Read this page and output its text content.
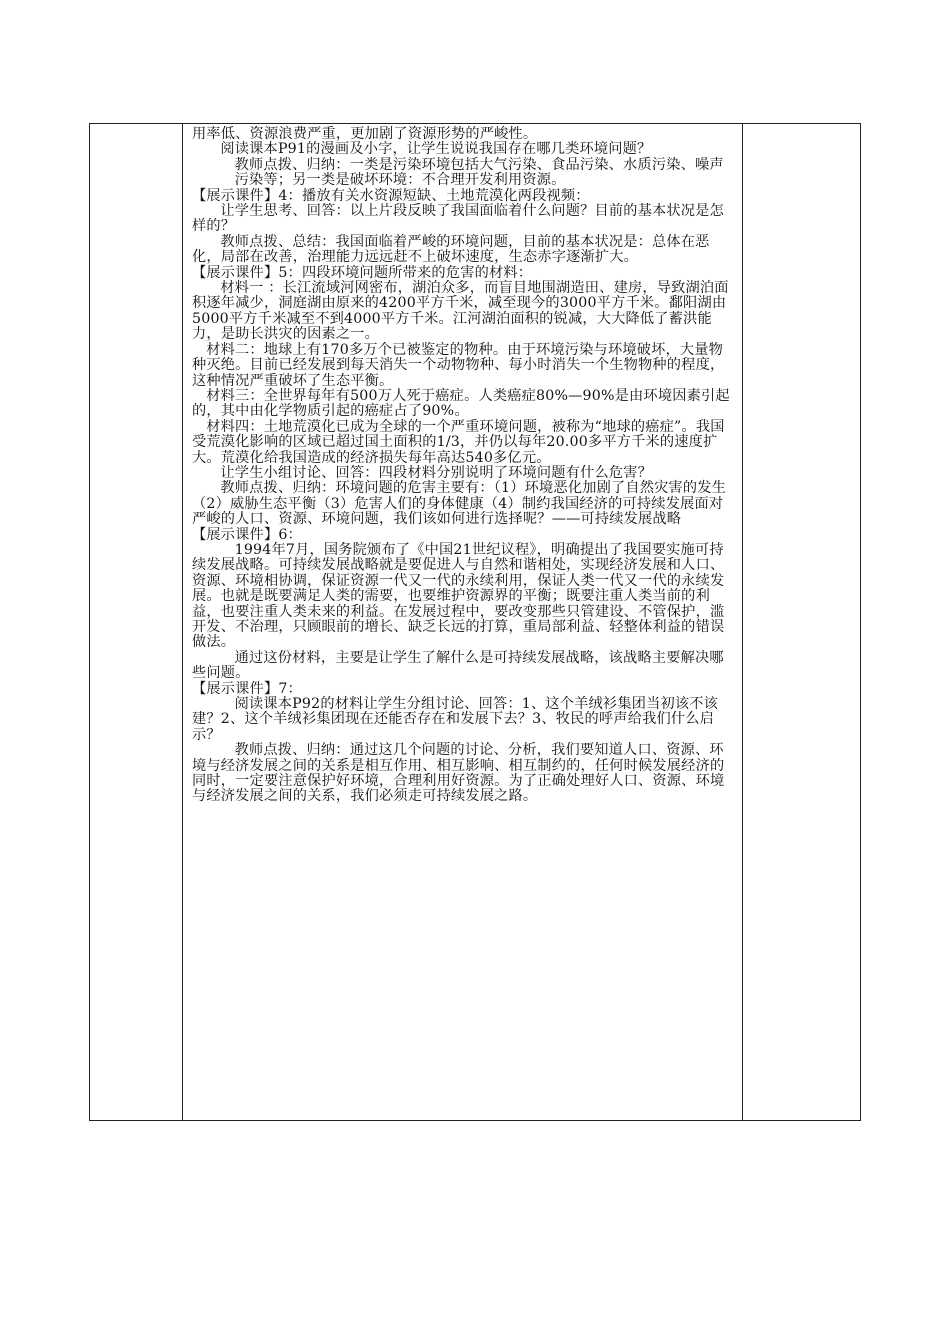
用率低、资源浪费严重，更加剧了资源形势的严峻性。

阅读课本P91的漫画及小字，让学生说说我国存在哪几类环境问题？

教师点拨、归纳：一类是污染环境包括大气污染、食品污染、水质污染、噪声污染等；另一类是破坏环境：不合理开发利用资源。

【展示课件】4：播放有关水资源短缺、土地荒漠化两段视频：

让学生思考、回答：以上片段反映了我国面临着什么问题？目前的基本状况是怎样的？

教师点拨、总结：我国面临着严峻的环境问题，目前的基本状况是：总体在恶化，局部在改善，治理能力远远赶不上破坏速度，生态赤字逐渐扩大。

【展示课件】5：四段环境问题所带来的危害的材料：

材料一 ：长江流域河网密布，湖泊众多，而盲目地围湖造田、建房，导致湖泊面积逐年减少，洞庭湖由原来的4200平方千米，减至现今的3000平方千米。鄱阳湖由5000平方千米减至不到4000平方千米。江河湖泊面积的锐减，大大降低了蓄洪能力，是助长洪灾的因素之一。

材料二：地球上有170多万个已被鉴定的物种。由于环境污染与环境破坏，大量物种灭绝。目前已经发展到每天消失一个动物物种、每小时消失一个生物物种的程度，这种情况严重破坏了生态平衡。

材料三：全世界每年有500万人死于癌症。人类癌症80%—90%是由环境因素引起的，其中由化学物质引起的癌症占了90%。

材料四：土地荒漠化已成为全球的一个严重环境问题，被称为“地球的癌症”。我国受荒漠化影响的区域已超过国土面积的1/3，并仍以每年20.00多平方千米的速度扩大。荒漠化给我国造成的经济损失每年高达540多亿元。

让学生小组讨论、回答：四段材料分别说明了环境问题有什么危害？

教师点拨、归纳：环境问题的危害主要有：（1）环境恶化加剧了自然灾害的发生（2）威胁生态平衡（3）危害人们的身体健康（4）制约我国经济的可持续发展面对严峻的人口、资源、环境问题，我们该如何进行选择呢？——可持续发展战略

【展示课件】6：

1994年7月，国务院颁布了《中国21世纪议程》，明确提出了我国要实施可持续发展战略。可持续发展战略就是要促进人与自然和谐相处，实现经济发展和人口、资源、环境相协调，保证资源一代又一代的永续利用，保证人类一代又一代的永续发展。也就是既要满足人类的需要，也要维护资源界的平衡；既要注重人类当前的利益，也要注重人类未来的利益。在发展过程中，要改变那些只管建设、不管保护，滥开发、不治理，只顾眼前的增长、缺乏长远的打算，重局部利益、轻整体利益的错误做法。

通过这份材料，主要是让学生了解什么是可持续发展战略，该战略主要解决哪些问题。

【展示课件】7：

阅读课本P92的材料让学生分组讨论、回答：1、这个羊绒衫集团当初该不该建？2、这个羊绒衫集团现在还能否存在和发展下去？3、牧民的呼声给我们什么启示？

教师点拨、归纳：通过这几个问题的讨论、分析，我们要知道人口、资源、环境与经济发展之间的关系是相互作用、相互影响、相互制约的，任何时候发展经济的同时，一定要注意保护好环境，合理利用好资源。为了正确处理好人口、资源、环境与经济发展之间的关系，我们必须走可持续发展之路。
